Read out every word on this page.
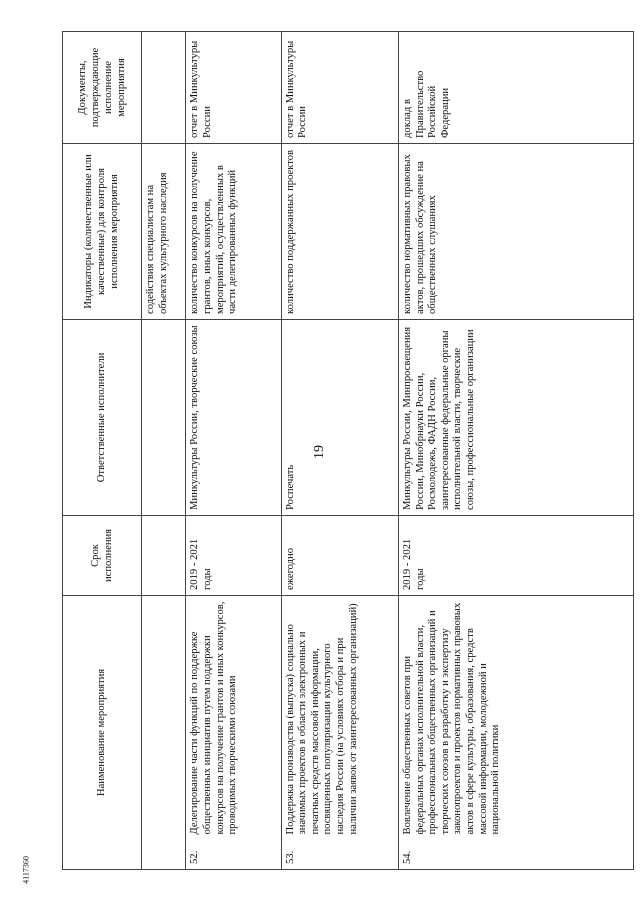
19
4117360
Наименование мероприятия		Срок исполнения	Ответственные исполнители	Индикаторы (количественные или качественные) для контроля исполнения мероприятия	Документы, подтверждающие исполнение мероприятия
				содействия специалистам на объектах культурного наследия	
52.	Делегирование части функций по поддержке общественных инициатив путем поддержки конкурсов на получение грантов и иных конкурсов, проводимых творческими союзами	2019 - 2021 годы	Минкультуры России, творческие союзы	количество конкурсов на получение грантов, иных конкурсов, мероприятий, осуществленных в части делегированных функций	отчет в Минкультуры России
53.	Поддержка производства (выпуска) социально значимых проектов в области электронных и печатных средств массовой информации, посвященных популяризации культурного наследия России (на условиях отбора и при наличии заявок от заинтересованных организаций)	ежегодно	Роспечать	количество поддержанных проектов	отчет в Минкультуры России
54.	Вовлечение общественных советов при федеральных органах исполнительной власти, профессиональных общественных организаций и творческих союзов в разработку и экспертизу законопроектов и проектов нормативных правовых актов в сфере культуры, образования, средств массовой информации, молодежной и национальной политики	2019 - 2021 годы	Минкультуры России, Минпросвещения России, Минобрнауки России, Росмолодежь, ФАДН России, заинтересованные федеральные органы исполнительной власти, творческие союзы, профессиональные организации	количество нормативных правовых актов, прошедших обсуждение на общественных слушаниях	доклад в Правительство Российской Федерации
